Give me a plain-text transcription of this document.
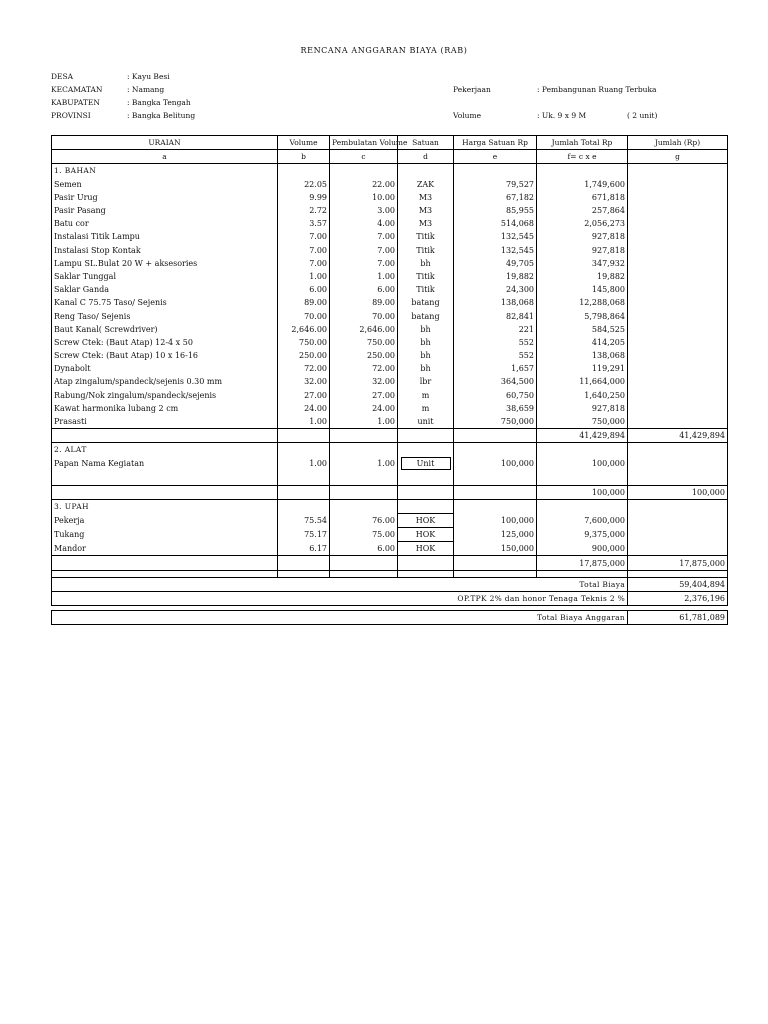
RENCANA ANGGARAN BIAYA (RAB)
DESA	: Kayu Besi
KECAMATAN	: Namang
KABUPATEN	: Bangka Tengah
PROVINSI	: Bangka Belitung
Pekerjaan	: Pembangunan Ruang Terbuka
Volume	: Uk. 9 x 9 M	( 2 unit)
URAIAN	Volume	Pembulatan Volume	Satuan	Harga Satuan Rp	Jumlah Total Rp	Jumlah (Rp)
a	b	c	d	e	f= c x e	g
1. BAHAN						
Semen	22.05	22.00	ZAK	79,527	1,749,600	
Pasir Urug	9.99	10.00	M3	67,182	671,818	
Pasir Pasang	2.72	3.00	M3	85,955	257,864	
Batu cor	3.57	4.00	M3	514,068	2,056,273	
Instalasi Titik Lampu	7.00	7.00	Titik	132,545	927,818	
Instalasi Stop Kontak	7.00	7.00	Titik	132,545	927,818	
Lampu SL.Bulat 20 W + aksesories	7.00	7.00	bh	49,705	347,932	
Saklar Tunggal	1.00	1.00	Titik	19,882	19,882	
Saklar Ganda	6.00	6.00	Titik	24,300	145,800	
Kanal C 75.75 Taso/ Sejenis	89.00	89.00	batang	138,068	12,288,068	
Reng Taso/ Sejenis	70.00	70.00	batang	82,841	5,798,864	
Baut Kanal( Screwdriver)	2,646.00	2,646.00	bh	221	584,525	
Screw Ctek: (Baut Atap) 12-4 x 50	750.00	750.00	bh	552	414,205	
Screw Ctek: (Baut Atap) 10 x 16-16	250.00	250.00	bh	552	138,068	
Dynabolt	72.00	72.00	bh	1,657	119,291	
Atap zingalum/spandeck/sejenis 0.30 mm	32.00	32.00	lbr	364,500	11,664,000	
Rabung/Nok zingalum/spandeck/sejenis	27.00	27.00	m	60,750	1,640,250	
Kawat harmonika lubang 2 cm	24.00	24.00	m	38,659	927,818	
Prasasti	1.00	1.00	unit	750,000	750,000	
					41,429,894	41,429,894
2. ALAT						
Papan Nama Kegiatan	1.00	1.00	Unit	100,000	100,000	

					100,000	100,000
3. UPAH						
Pekerja	75.54	76.00	HOK	100,000	7,600,000	
Tukang	75.17	75.00	HOK	125,000	9,375,000	
Mandor	6.17	6.00	HOK	150,000	900,000	
					17,875,000	17,875,000

Total Biaya						59,404,894
OP.TPK 2% dan honor Tenaga Teknis 2 %						2,376,196

Total Biaya Anggaran						61,781,089
